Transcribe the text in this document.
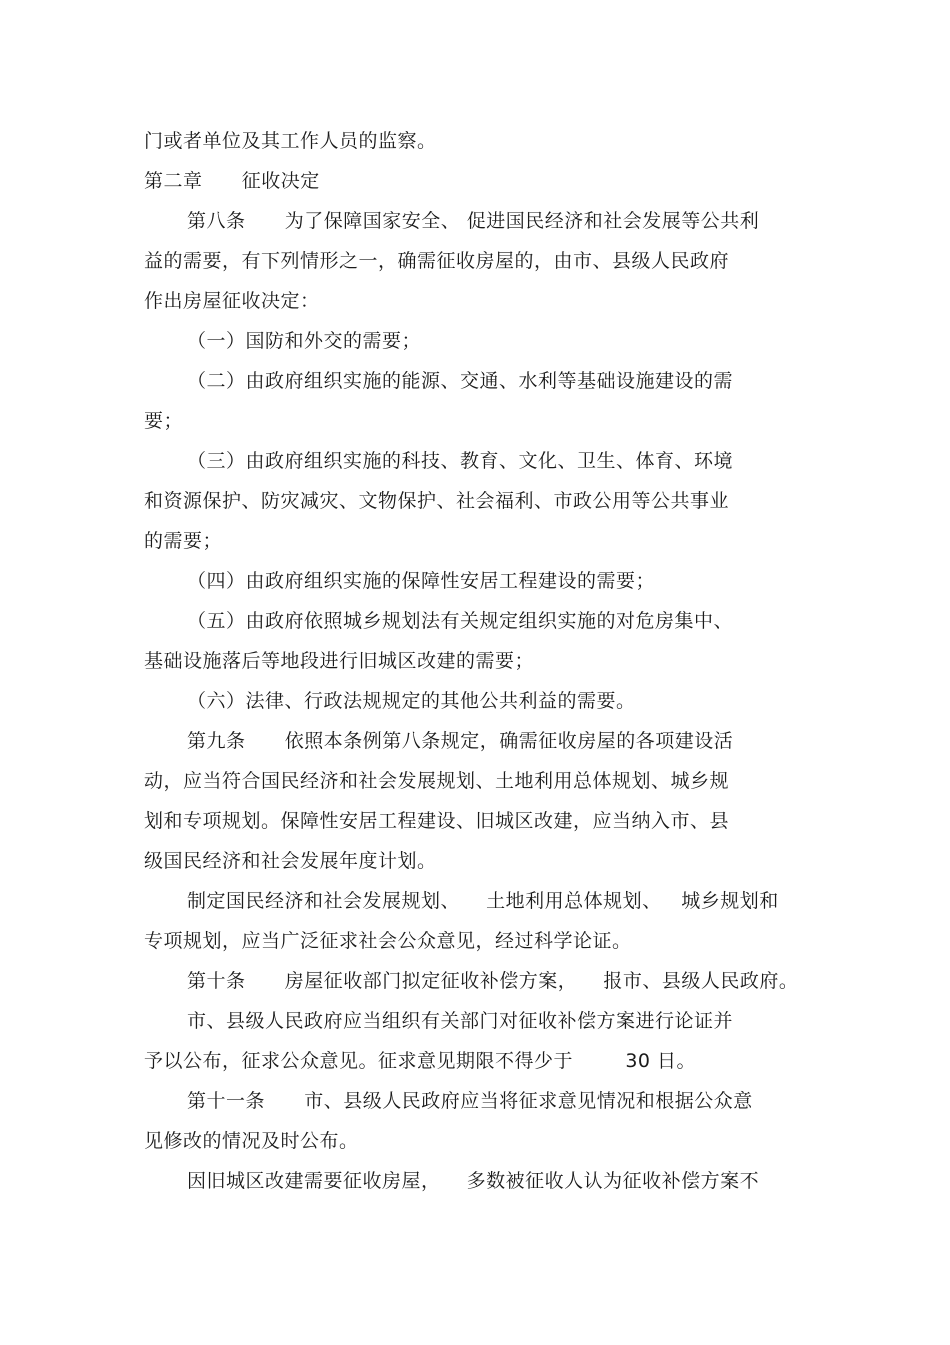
门或者单位及其工作人员的监察。
第二章      征收决定
第八条      为了保障国家安全、 促进国民经济和社会发展等公共利
益的需要，有下列情形之一，确需征收房屋的，由市、县级人民政府
作出房屋征收决定：
（一）国防和外交的需要；
（二）由政府组织实施的能源、交通、水利等基础设施建设的需
要；
（三）由政府组织实施的科技、教育、文化、卫生、体育、环境
和资源保护、防灾减灾、文物保护、社会福利、市政公用等公共事业
的需要；
（四）由政府组织实施的保障性安居工程建设的需要；
（五）由政府依照城乡规划法有关规定组织实施的对危房集中、
基础设施落后等地段进行旧城区改建的需要；
（六）法律、行政法规规定的其他公共利益的需要。
第九条      依照本条例第八条规定，确需征收房屋的各项建设活
动，应当符合国民经济和社会发展规划、土地利用总体规划、城乡规
划和专项规划。保障性安居工程建设、旧城区改建，应当纳入市、县
级国民经济和社会发展年度计划。
制定国民经济和社会发展规划、    土地利用总体规划、   城乡规划和
专项规划，应当广泛征求社会公众意见，经过科学论证。
第十条      房屋征收部门拟定征收补偿方案，    报市、县级人民政府。
市、县级人民政府应当组织有关部门对征收补偿方案进行论证并
予以公布，征求公众意见。征求意见期限不得少于        30 日。
第十一条      市、县级人民政府应当将征求意见情况和根据公众意
见修改的情况及时公布。
因旧城区改建需要征收房屋，    多数被征收人认为征收补偿方案不
